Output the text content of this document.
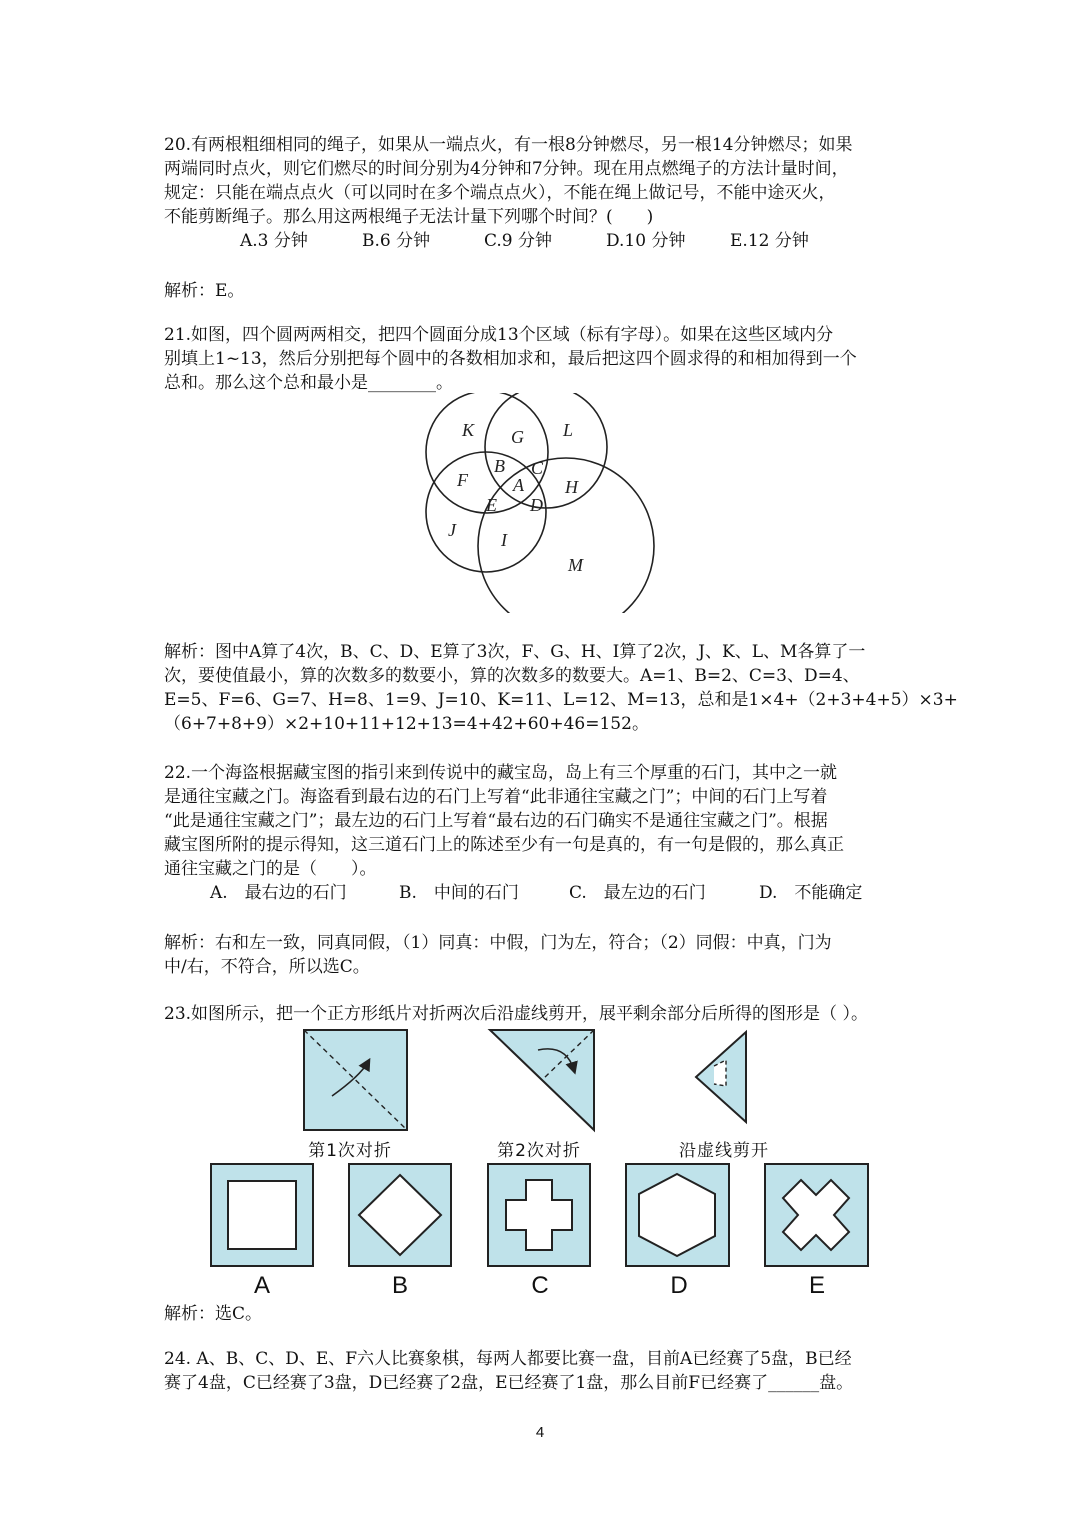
20.有两根粗细相同的绳子，如果从一端点火，有一根8分钟燃尽，另一根14分钟燃尽；如果

两端同时点火，则它们燃尽的时间分别为4分钟和7分钟。现在用点燃绳子的方法计量时间，

规定：只能在端点点火（可以同时在多个端点点火），不能在绳上做记号，不能中途灭火，

不能剪断绳子。那么用这两根绳子无法计量下列哪个时间？(　　)

A.3 分钟	B.6 分钟	C.9 分钟	D.10 分钟	E.12 分钟

解析：E。

21.如图，四个圆两两相交，把四个圆面分成13个区域（标有字母）。如果在这些区域内分

别填上1~13，然后分别把每个圆中的各数相加求和，最后把这四个圆求得的和相加得到一个

总和。那么这个总和最小是________。

K G L
B C
F	A H
E D
J	I
M

解析：图中A算了4次，B、C、D、E算了3次，F、G、H、I算了2次，J、K、L、M各算了一

次，要使值最小，算的次数多的数要小，算的次数多的数要大。A=1、B=2、C=3、D=4、

E=5、F=6、G=7、H=8、1=9、J=10、K=11、L=12、M=13，总和是1×4+（2+3+4+5）×3+

（6+7+8+9）×2+10+11+12+13=4+42+60+46=152。

22.一个海盗根据藏宝图的指引来到传说中的藏宝岛，岛上有三个厚重的石门，其中之一就

是通往宝藏之门。海盗看到最右边的石门上写着“此非通往宝藏之门”；中间的石门上写着

“此是通往宝藏之门”；最左边的石门上写着“最右边的石门确实不是通往宝藏之门”。根据

藏宝图所附的提示得知，这三道石门上的陈述至少有一句是真的，有一句是假的，那么真正

通往宝藏之门的是（　　）。

A.　最右边的石门	B.　中间的石门	C.　最左边的石门	D.　不能确定

解析：右和左一致，同真同假，（1）同真：中假，门为左，符合；（2）同假：中真，门为

中/右，不符合，所以选C。

23.如图所示，把一个正方形纸片对折两次后沿虚线剪开，展平剩余部分后所得的图形是（ ）。

第1次对折	第2次对折	沿虚线剪开
A	B	C	D	E

解析：选C。

24. A、B、C、D、E、F六人比赛象棋，每两人都要比赛一盘，目前A已经赛了5盘，B已经

赛了4盘，C已经赛了3盘，D已经赛了2盘，E已经赛了1盘，那么目前F已经赛了______盘。

4
